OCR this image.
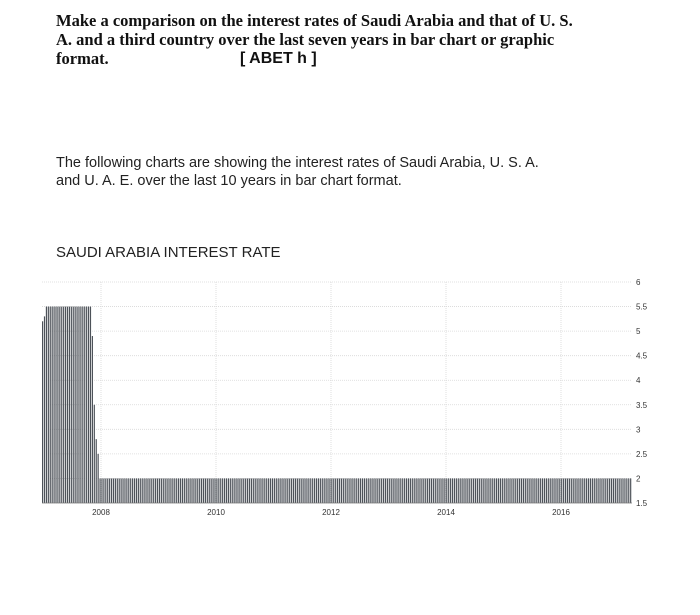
Make a comparison on the interest rates of Saudi Arabia and that of U. S.
A. and a third country over the last seven years in bar chart or graphic
format.	[ ABET h ]
The following charts are showing the interest rates of Saudi Arabia, U. S. A.
and U. A. E. over the last 10 years in bar chart format.
SAUDI ARABIA INTEREST RATE
1.5
2
2.5
3
3.5
4
4.5
5
5.5
6
2008	2010	2012	2014	2016
